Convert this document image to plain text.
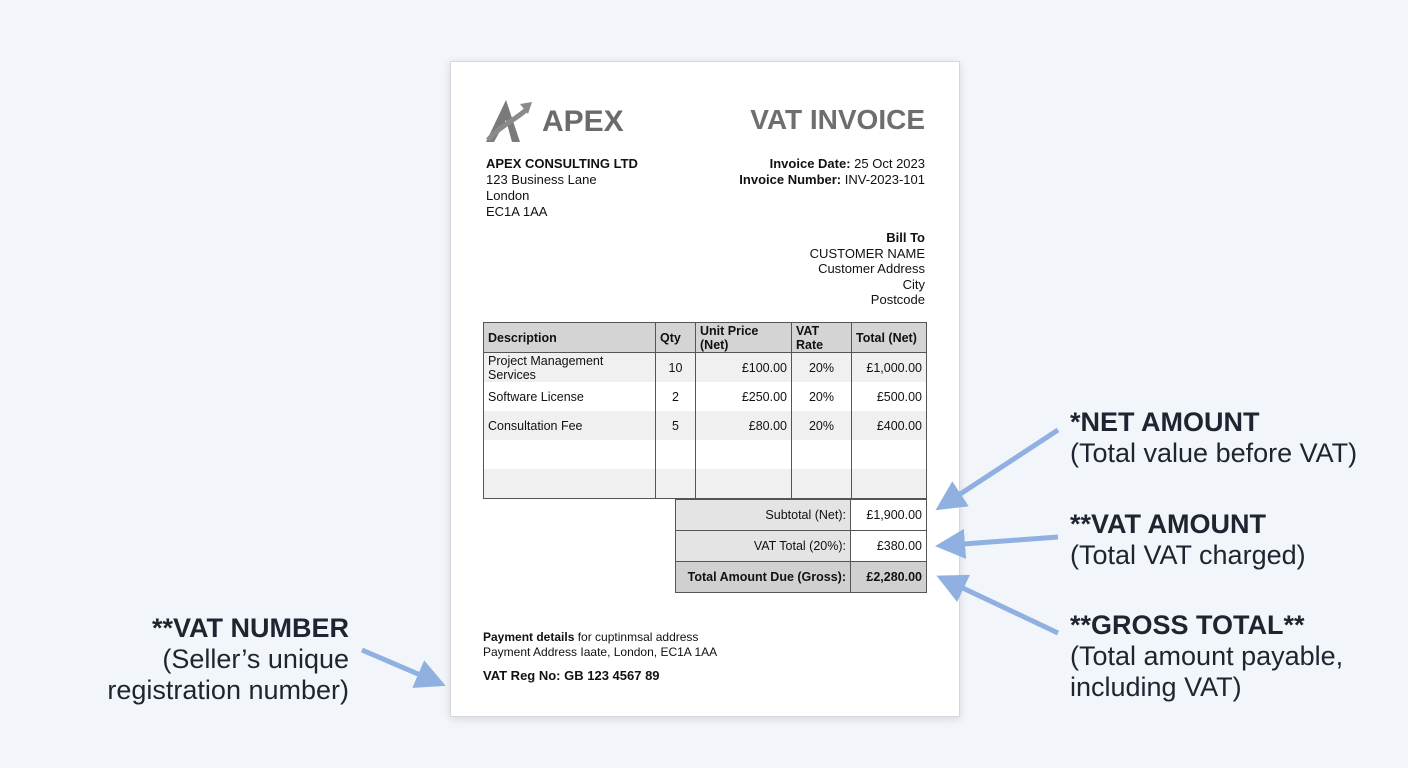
APEX	VAT INVOICE
APEX CONSULTING LTD
123 Business Lane
London
EC1A 1AA
Invoice Date: 25 Oct 2023
Invoice Number: INV-2023-101
Bill To
CUSTOMER NAME
Customer Address
City
Postcode
Description	Qty	Unit Price (Net)	VAT Rate	Total (Net)
Project Management Services	10	£100.00	20%	£1,000.00
Software License	2	£250.00	20%	£500.00
Consultation Fee	5	£80.00	20%	£400.00

Subtotal (Net):	£1,900.00
VAT Total (20%):	£380.00
Total Amount Due (Gross):	£2,280.00
Payment details for cuptinmsal address
Payment Address Iaate, London, EC1A 1AA
VAT Reg No: GB 123 4567 89
*NET AMOUNT
(Total value before VAT)
**VAT AMOUNT
(Total VAT charged)
**GROSS TOTAL**
(Total amount payable,
including VAT)
**VAT NUMBER
(Seller’s unique
registration number)
